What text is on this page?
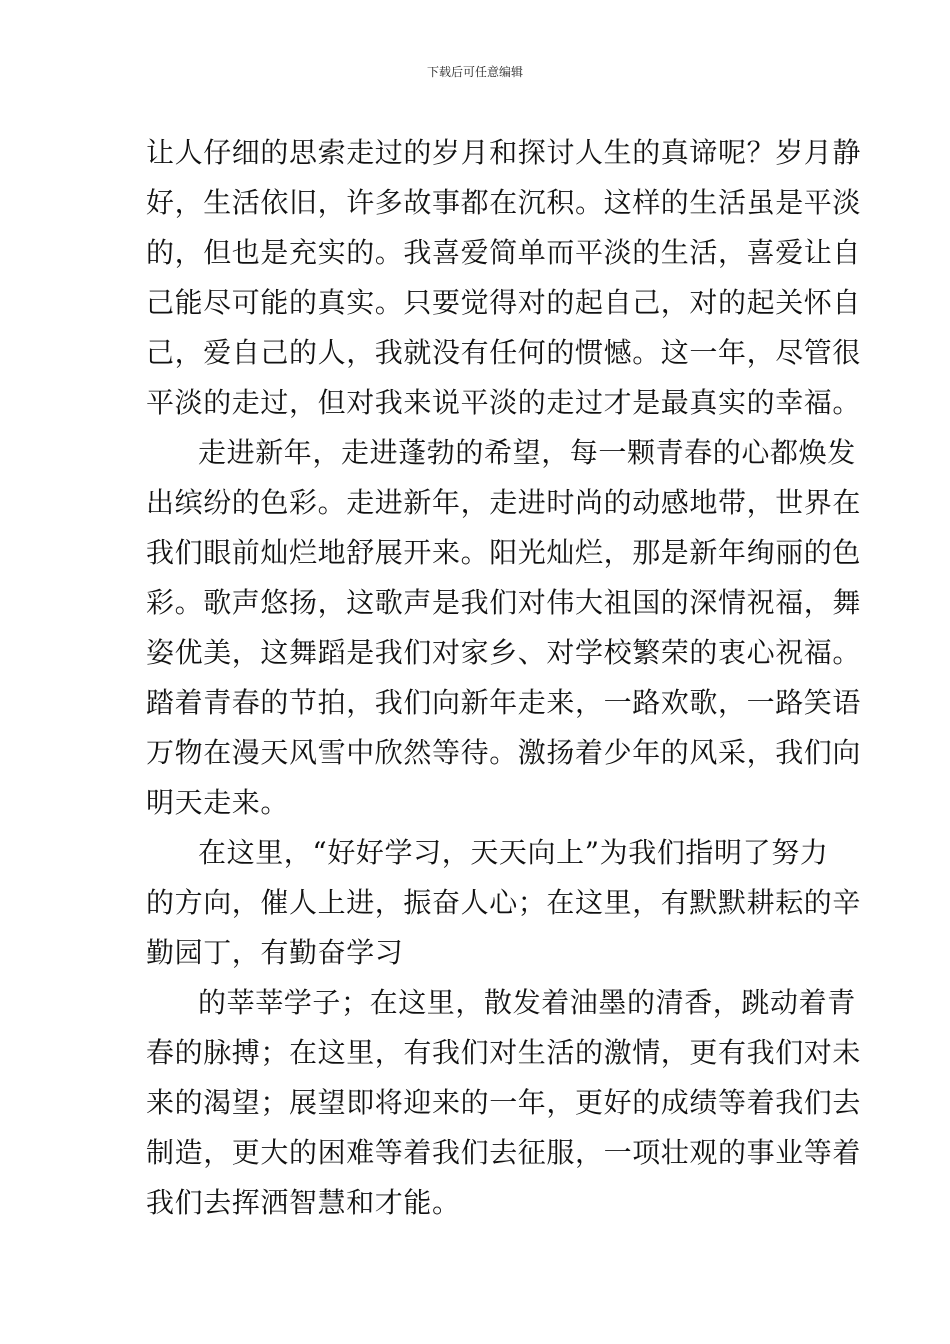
下载后可任意编辑
让人仔细的思索走过的岁月和探讨人生的真谛呢？岁月静
好，生活依旧，许多故事都在沉积。这样的生活虽是平淡
的，但也是充实的。我喜爱简单而平淡的生活，喜爱让自
己能尽可能的真实。只要觉得对的起自己，对的起关怀自
己，爱自己的人，我就没有任何的惯憾。这一年，尽管很
平淡的走过，但对我来说平淡的走过才是最真实的幸福。
走进新年，走进蓬勃的希望，每一颗青春的心都焕发
出缤纷的色彩。走进新年，走进时尚的动感地带，世界在
我们眼前灿烂地舒展开来。阳光灿烂，那是新年绚丽的色
彩。歌声悠扬，这歌声是我们对伟大祖国的深情祝福，舞
姿优美，这舞蹈是我们对家乡、对学校繁荣的衷心祝福。
踏着青春的节拍，我们向新年走来，一路欢歌，一路笑语
万物在漫天风雪中欣然等待。激扬着少年的风采，我们向
明天走来。
在这里，“好好学习，天天向上”为我们指明了努力
的方向，催人上进，振奋人心；在这里，有默默耕耘的辛
勤园丁，有勤奋学习
的莘莘学子；在这里，散发着油墨的清香，跳动着青
春的脉搏；在这里，有我们对生活的激情，更有我们对未
来的渴望；展望即将迎来的一年，更好的成绩等着我们去
制造，更大的困难等着我们去征服，一项壮观的事业等着
我们去挥洒智慧和才能。
